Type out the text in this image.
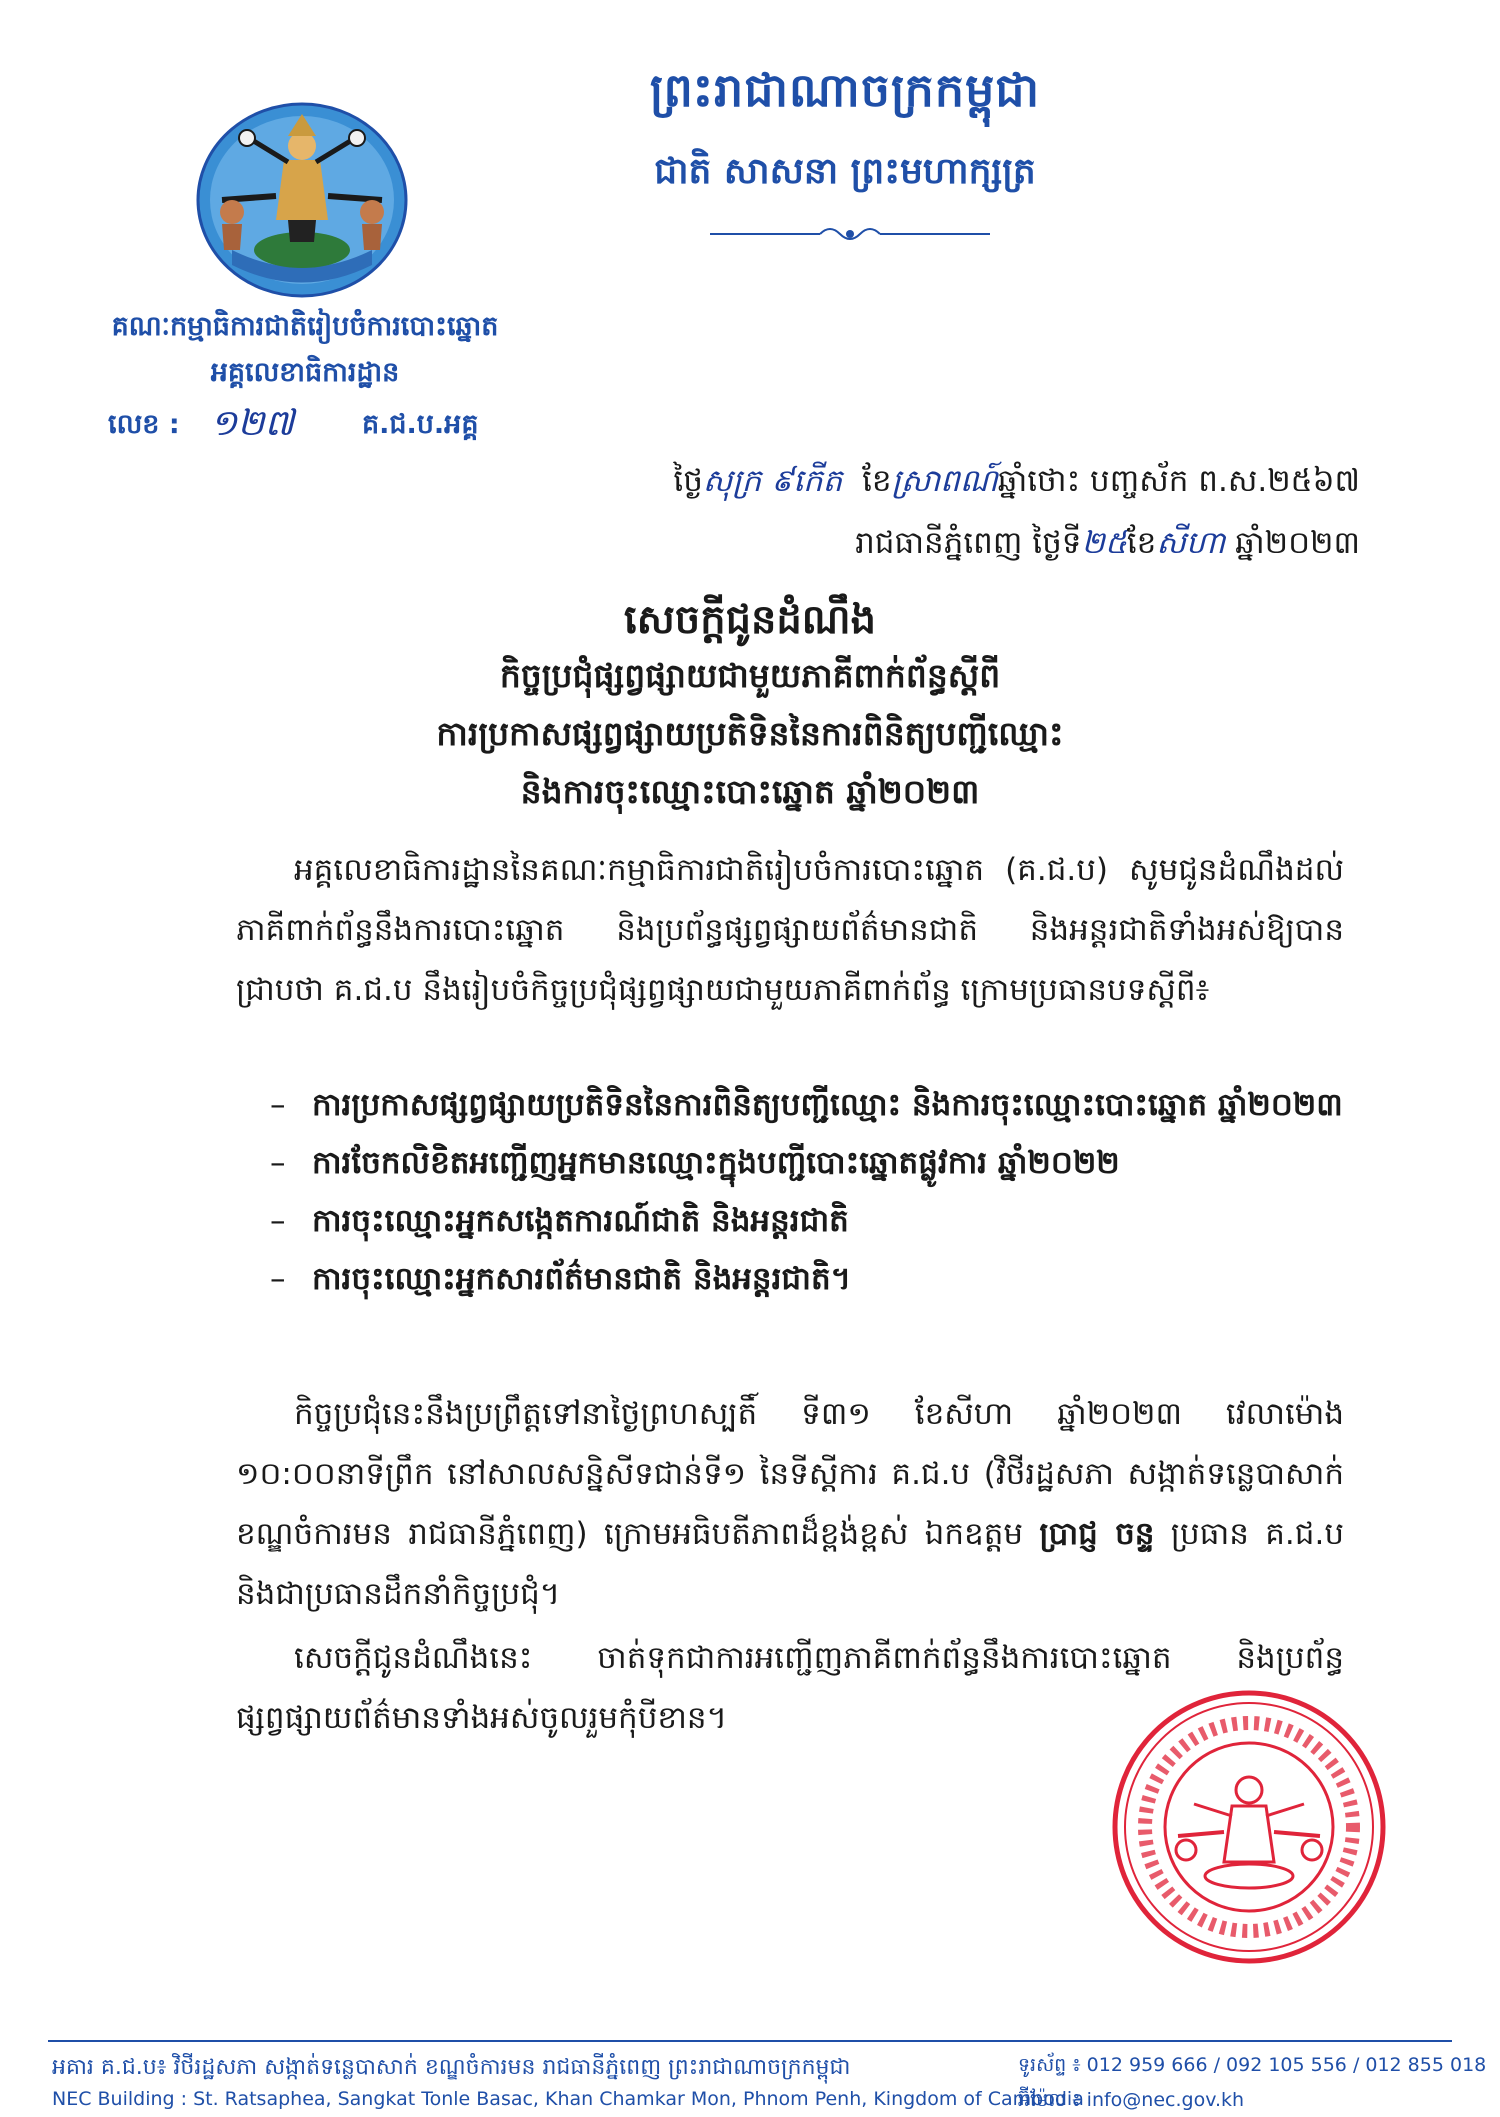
ព្រះរាជាណាចក្រកម្ពុជា
ជាតិ សាសនា ព្រះមហាក្សត្រ
គណៈកម្មាធិការជាតិរៀបចំការបោះឆ្នោត
អគ្គលេខាធិការដ្ឋាន
លេខ : ១២៧	គ.ជ.ប.អគ្គ
ថ្ងៃសុក្រ ៩កើត ខែស្រាពណ៍ឆ្នាំថោះ បញ្ចស័ក ព.ស.២៥៦៧
រាជធានីភ្នំពេញ ថ្ងៃទី២៥ខែសីហា ឆ្នាំ២០២៣
សេចក្តីជូនដំណឹង
កិច្ចប្រជុំផ្សព្វផ្សាយជាមួយភាគីពាក់ព័ន្ធស្តីពី
ការប្រកាសផ្សព្វផ្សាយប្រតិទិននៃការពិនិត្យបញ្ជីឈ្មោះ
និងការចុះឈ្មោះបោះឆ្នោត ឆ្នាំ២០២៣
អគ្គលេខាធិការដ្ឋាននៃគណៈកម្មាធិការជាតិរៀបចំការបោះឆ្នោត (គ.ជ.ប) សូមជូនដំណឹងដល់ភាគីពាក់ព័ន្ធនឹងការបោះឆ្នោត និងប្រព័ន្ធផ្សព្វផ្សាយព័ត៌មានជាតិ និងអន្តរជាតិទាំងអស់ឱ្យបានជ្រាបថា គ.ជ.ប នឹងរៀបចំកិច្ចប្រជុំផ្សព្វផ្សាយជាមួយភាគីពាក់ព័ន្ធ ក្រោមប្រធានបទស្តីពី៖
– ការប្រកាសផ្សព្វផ្សាយប្រតិទិននៃការពិនិត្យបញ្ជីឈ្មោះ និងការចុះឈ្មោះបោះឆ្នោត ឆ្នាំ២០២៣
– ការចែកលិខិតអញ្ជើញអ្នកមានឈ្មោះក្នុងបញ្ជីបោះឆ្នោតផ្លូវការ ឆ្នាំ២០២២
– ការចុះឈ្មោះអ្នកសង្កេតការណ៍ជាតិ និងអន្តរជាតិ
– ការចុះឈ្មោះអ្នកសារព័ត៌មានជាតិ និងអន្តរជាតិ។
កិច្ចប្រជុំនេះនឹងប្រព្រឹត្តទៅនាថ្ងៃព្រហស្បតិ៍ ទី៣១ ខែសីហា ឆ្នាំ២០២៣ វេលាម៉ោង ១០:០០នាទីព្រឹក នៅសាលសន្និសីទជាន់ទី១ នៃទីស្តីការ គ.ជ.ប (វិថីរដ្ឋសភា សង្កាត់ទន្លេបាសាក់ ខណ្ឌចំការមន រាជធានីភ្នំពេញ) ក្រោមអធិបតីភាពដ៏ខ្ពង់ខ្ពស់ ឯកឧត្តម ប្រាជ្ញ ចន្ទ ប្រធាន គ.ជ.ប និងជាប្រធានដឹកនាំកិច្ចប្រជុំ។
សេចក្តីជូនដំណឹងនេះ ចាត់ទុកជាការអញ្ជើញភាគីពាក់ព័ន្ធនឹងការបោះឆ្នោត និងប្រព័ន្ធផ្សព្វផ្សាយព័ត៌មានទាំងអស់ចូលរួមកុំបីខាន។
អគារ គ.ជ.ប៖ វិថីរដ្ឋសភា សង្កាត់ទន្លេបាសាក់ ខណ្ឌចំការមន រាជធានីភ្នំពេញ ព្រះរាជាណាចក្រកម្ពុជា
NEC Building : St. Ratsaphea, Sangkat Tonle Basac, Khan Chamkar Mon, Phnom Penh, Kingdom of Cambodia
ទូរស័ព្ទ ៖ 012 959 666 / 092 105 556 / 012 855 018
អ៊ីម៉ែល ៖ info@nec.gov.kh
